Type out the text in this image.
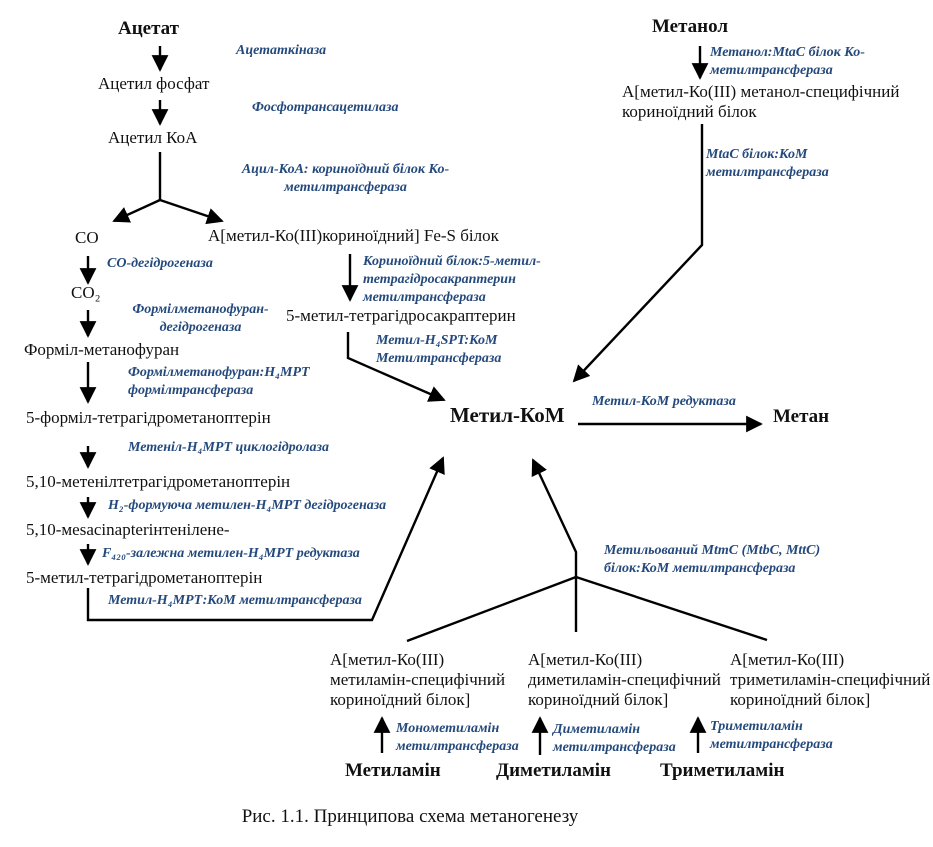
Ацетат
Ацетил фосфат
Ацетил КоА
CO
CO₂
Форміл-метанофуран
5-форміл-тетрагідрометаноптерін
5,10-метенілтетрагідрометаноптерін
5,10-меsacinapterінтенілене-
5-метил-тетрагідрометаноптерін
А[метил-Ко(III)кориноїдний] Fe-S білок
5-метил-тетрагідросакраптерин
Метанол
А[метил-Ко(III) метанол-специфічний кориноїдний білок
Метил-КоМ	Метан
А[метил-Ко(III) метиламін-специфічний кориноїдний білок]
А[метил-Ко(III) диметиламін-специфічний кориноїдний білок]
А[метил-Ко(III) триметиламін-специфічний кориноїдний білок]
Метиламін	Диметиламін	Триметиламін
Ацетаткіназа
Фосфотрансацетилаза
Ацил-КоА: кориноїдний білок Ко-метилтрансфераза
СО-дегідрогеназа
Формілметанофуран-дегідрогеназа
Формілметанофуран:Н₄МРТ формілтрансфераза
Метеніл-Н₄МРТ циклогідролаза
Н₂-формуюча метилен-Н₄МРТ дегідрогеназа
F₄₂₀-залежна метилен-Н₄МРТ редуктаза
Метил-Н₄МРТ:КоМ метилтрансфераза
Кориноїдний білок:5-метил-тетрагідросакраптерин метилтрансфераза
Метил-Н₄SPT:КоМ Метилтрансфераза
Метанол:MtaC білок Ко-метилтрансфераза
MtaC білок:КоМ метилтрансфераза
Метил-КоМ редуктаза
Метильований MtmC (MtbC, MttC) білок:КоМ метилтрансфераза
Монометиламін метилтрансфераза
Диметиламін метилтрансфераза
Триметиламін метилтрансфераза
Рис. 1.1. Принципова схема метаногенезу
